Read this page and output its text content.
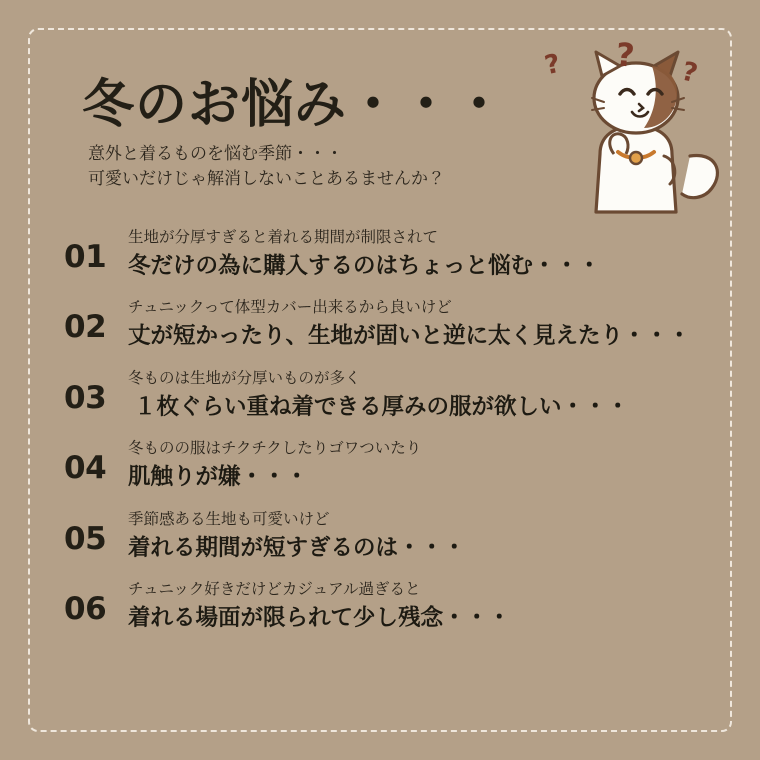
冬のお悩み・・・
意外と着るものを悩む季節・・・
可愛いだけじゃ解消しないことあるませんか？
? ? ?
01
生地が分厚すぎると着れる期間が制限されて
冬だけの為に購入するのはちょっと悩む・・・
02
チュニックって体型カバー出来るから良いけど
丈が短かったり、生地が固いと逆に太く見えたり・・・
03
冬ものは生地が分厚いものが多く
１枚ぐらい重ね着できる厚みの服が欲しい・・・
04
冬ものの服はチクチクしたりゴワついたり
肌触りが嫌・・・
05
季節感ある生地も可愛いけど
着れる期間が短すぎるのは・・・
06
チュニック好きだけどカジュアル過ぎると
着れる場面が限られて少し残念・・・
